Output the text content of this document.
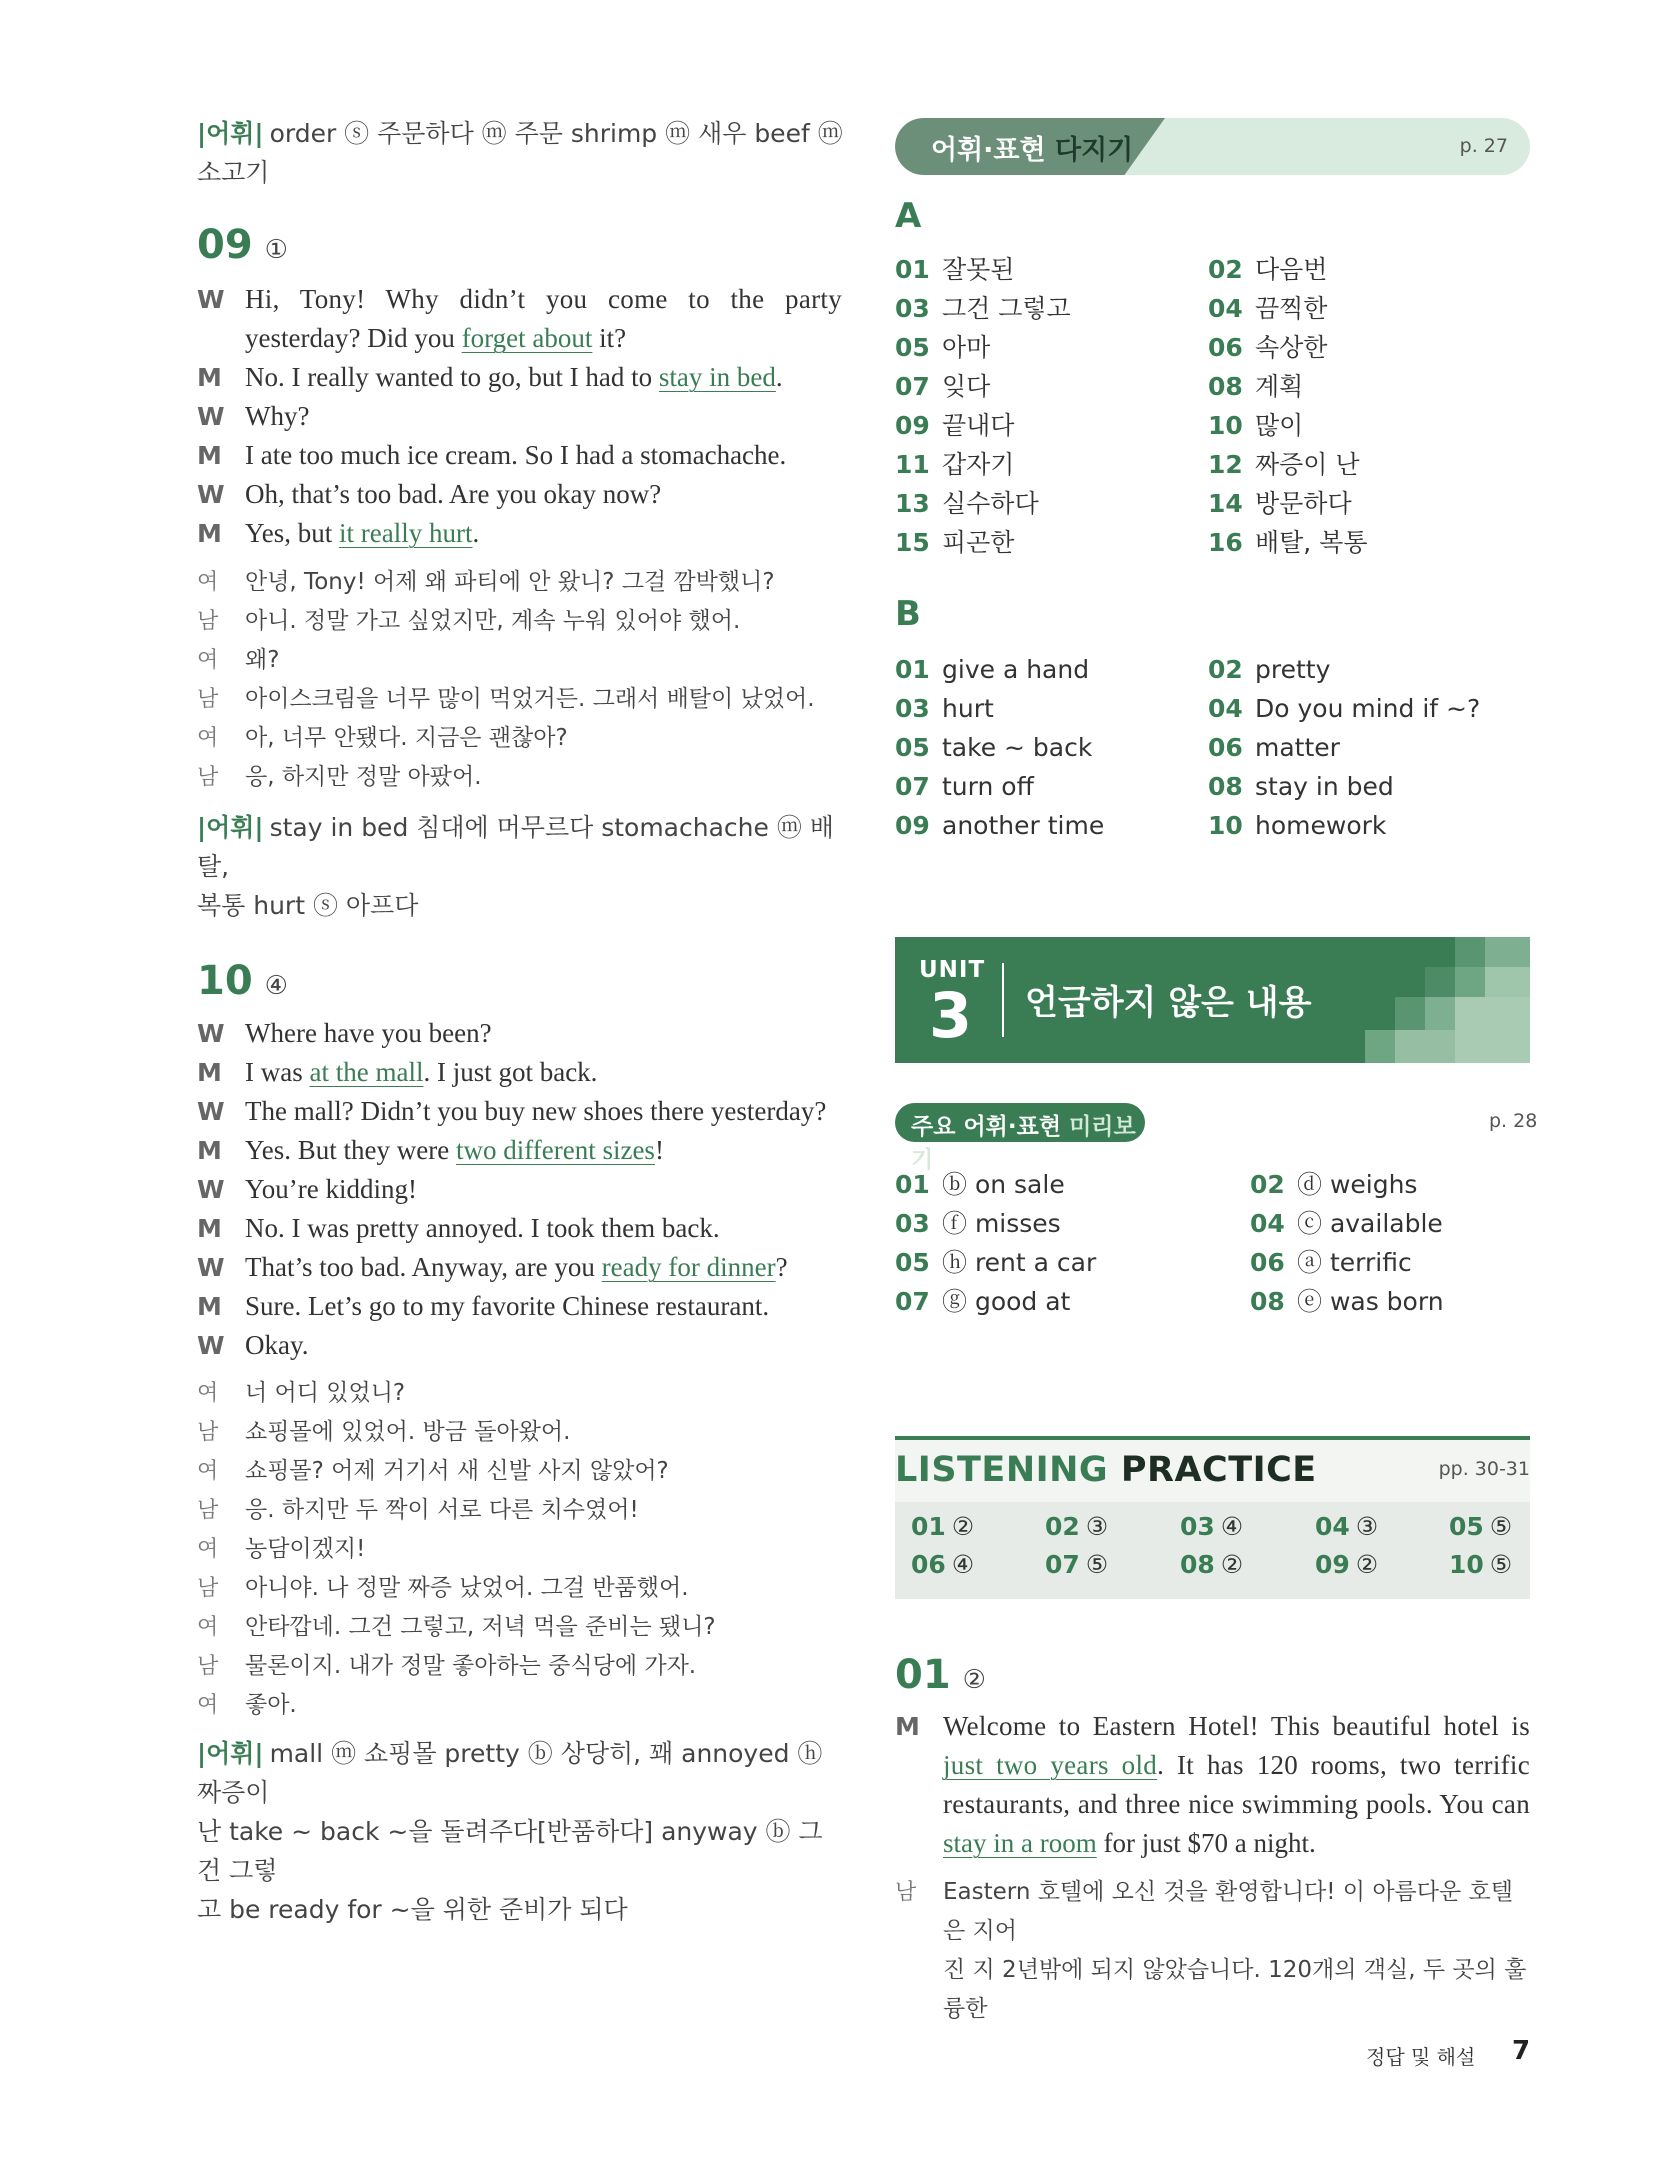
|어휘| order ⓢ 주문하다 ⓜ 주문 shrimp ⓜ 새우 beef ⓜ 소고기
09 ①
W Hi, Tony! Why didn’t you come to the party
yesterday? Did you forget about it?
M No. I really wanted to go, but I had to stay in bed.
W Why?
M I ate too much ice cream. So I had a stomachache.
W Oh, that’s too bad. Are you okay now?
M Yes, but it really hurt.
여	안녕, Tony! 어제 왜 파티에 안 왔니? 그걸 깜박했니?
남	아니. 정말 가고 싶었지만, 계속 누워 있어야 했어.
여	왜?
남	아이스크림을 너무 많이 먹었거든. 그래서 배탈이 났었어.
여	아, 너무 안됐다. 지금은 괜찮아?
남	응, 하지만 정말 아팠어.
|어휘| stay in bed 침대에 머무르다 stomachache ⓜ 배탈,
복통 hurt ⓢ 아프다
10 ④
W Where have you been?
M I was at the mall. I just got back.
W The mall? Didn’t you buy new shoes there yesterday?
M Yes. But they were two different sizes!
W You’re kidding!
M No. I was pretty annoyed. I took them back.
W That’s too bad. Anyway, are you ready for dinner?
M Sure. Let’s go to my favorite Chinese restaurant.
W Okay.
여	너 어디 있었니?
남	쇼핑몰에 있었어. 방금 돌아왔어.
여	쇼핑몰? 어제 거기서 새 신발 사지 않았어?
남	응. 하지만 두 짝이 서로 다른 치수였어!
여	농담이겠지!
남	아니야. 나 정말 짜증 났었어. 그걸 반품했어.
여	안타깝네. 그건 그렇고, 저녁 먹을 준비는 됐니?
남	물론이지. 내가 정말 좋아하는 중식당에 가자.
여	좋아.
|어휘| mall ⓜ 쇼핑몰 pretty ⓑ 상당히, 꽤 annoyed ⓗ 짜증이
난 take ~ back ~을 돌려주다[반품하다] anyway ⓑ 그건 그렇
고 be ready for ~을 위한 준비가 되다
어휘·표현 다지기	p. 27
A
01 잘못된	02 다음번
03 그건 그렇고	04 끔찍한
05 아마	06 속상한
07 잊다	08 계획
09 끝내다	10 많이
11 갑자기	12 짜증이 난
13 실수하다	14 방문하다
15 피곤한	16 배탈, 복통
B
01 give a hand	02 pretty
03 hurt	04 Do you mind if ~?
05 take ~ back	06 matter
07 turn off	08 stay in bed
09 another time	10 homework
UNIT
3 언급하지 않은 내용
주요 어휘·표현 미리보기
p. 28
01 ⓑ on sale	02 ⓓ weighs
03 ⓕ misses	04 ⓒ available
05 ⓗ rent a car	06 ⓐ terrific
07 ⓖ good at	08 ⓔ was born
LISTENING PRACTICE	pp. 30-31
01 ②	02 ③	03 ④	04 ③	05 ⑤
06 ④	07 ⑤	08 ②	09 ②	10 ⑤
01 ②
M Welcome to Eastern Hotel! This beautiful hotel is
just two years old. It has 120 rooms, two terrific
restaurants, and three nice swimming pools. You can
stay in a room for just $70 a night.
남	Eastern 호텔에 오신 것을 환영합니다! 이 아름다운 호텔은 지어
진 지 2년밖에 되지 않았습니다. 120개의 객실, 두 곳의 훌륭한
정답 및 해설 7
